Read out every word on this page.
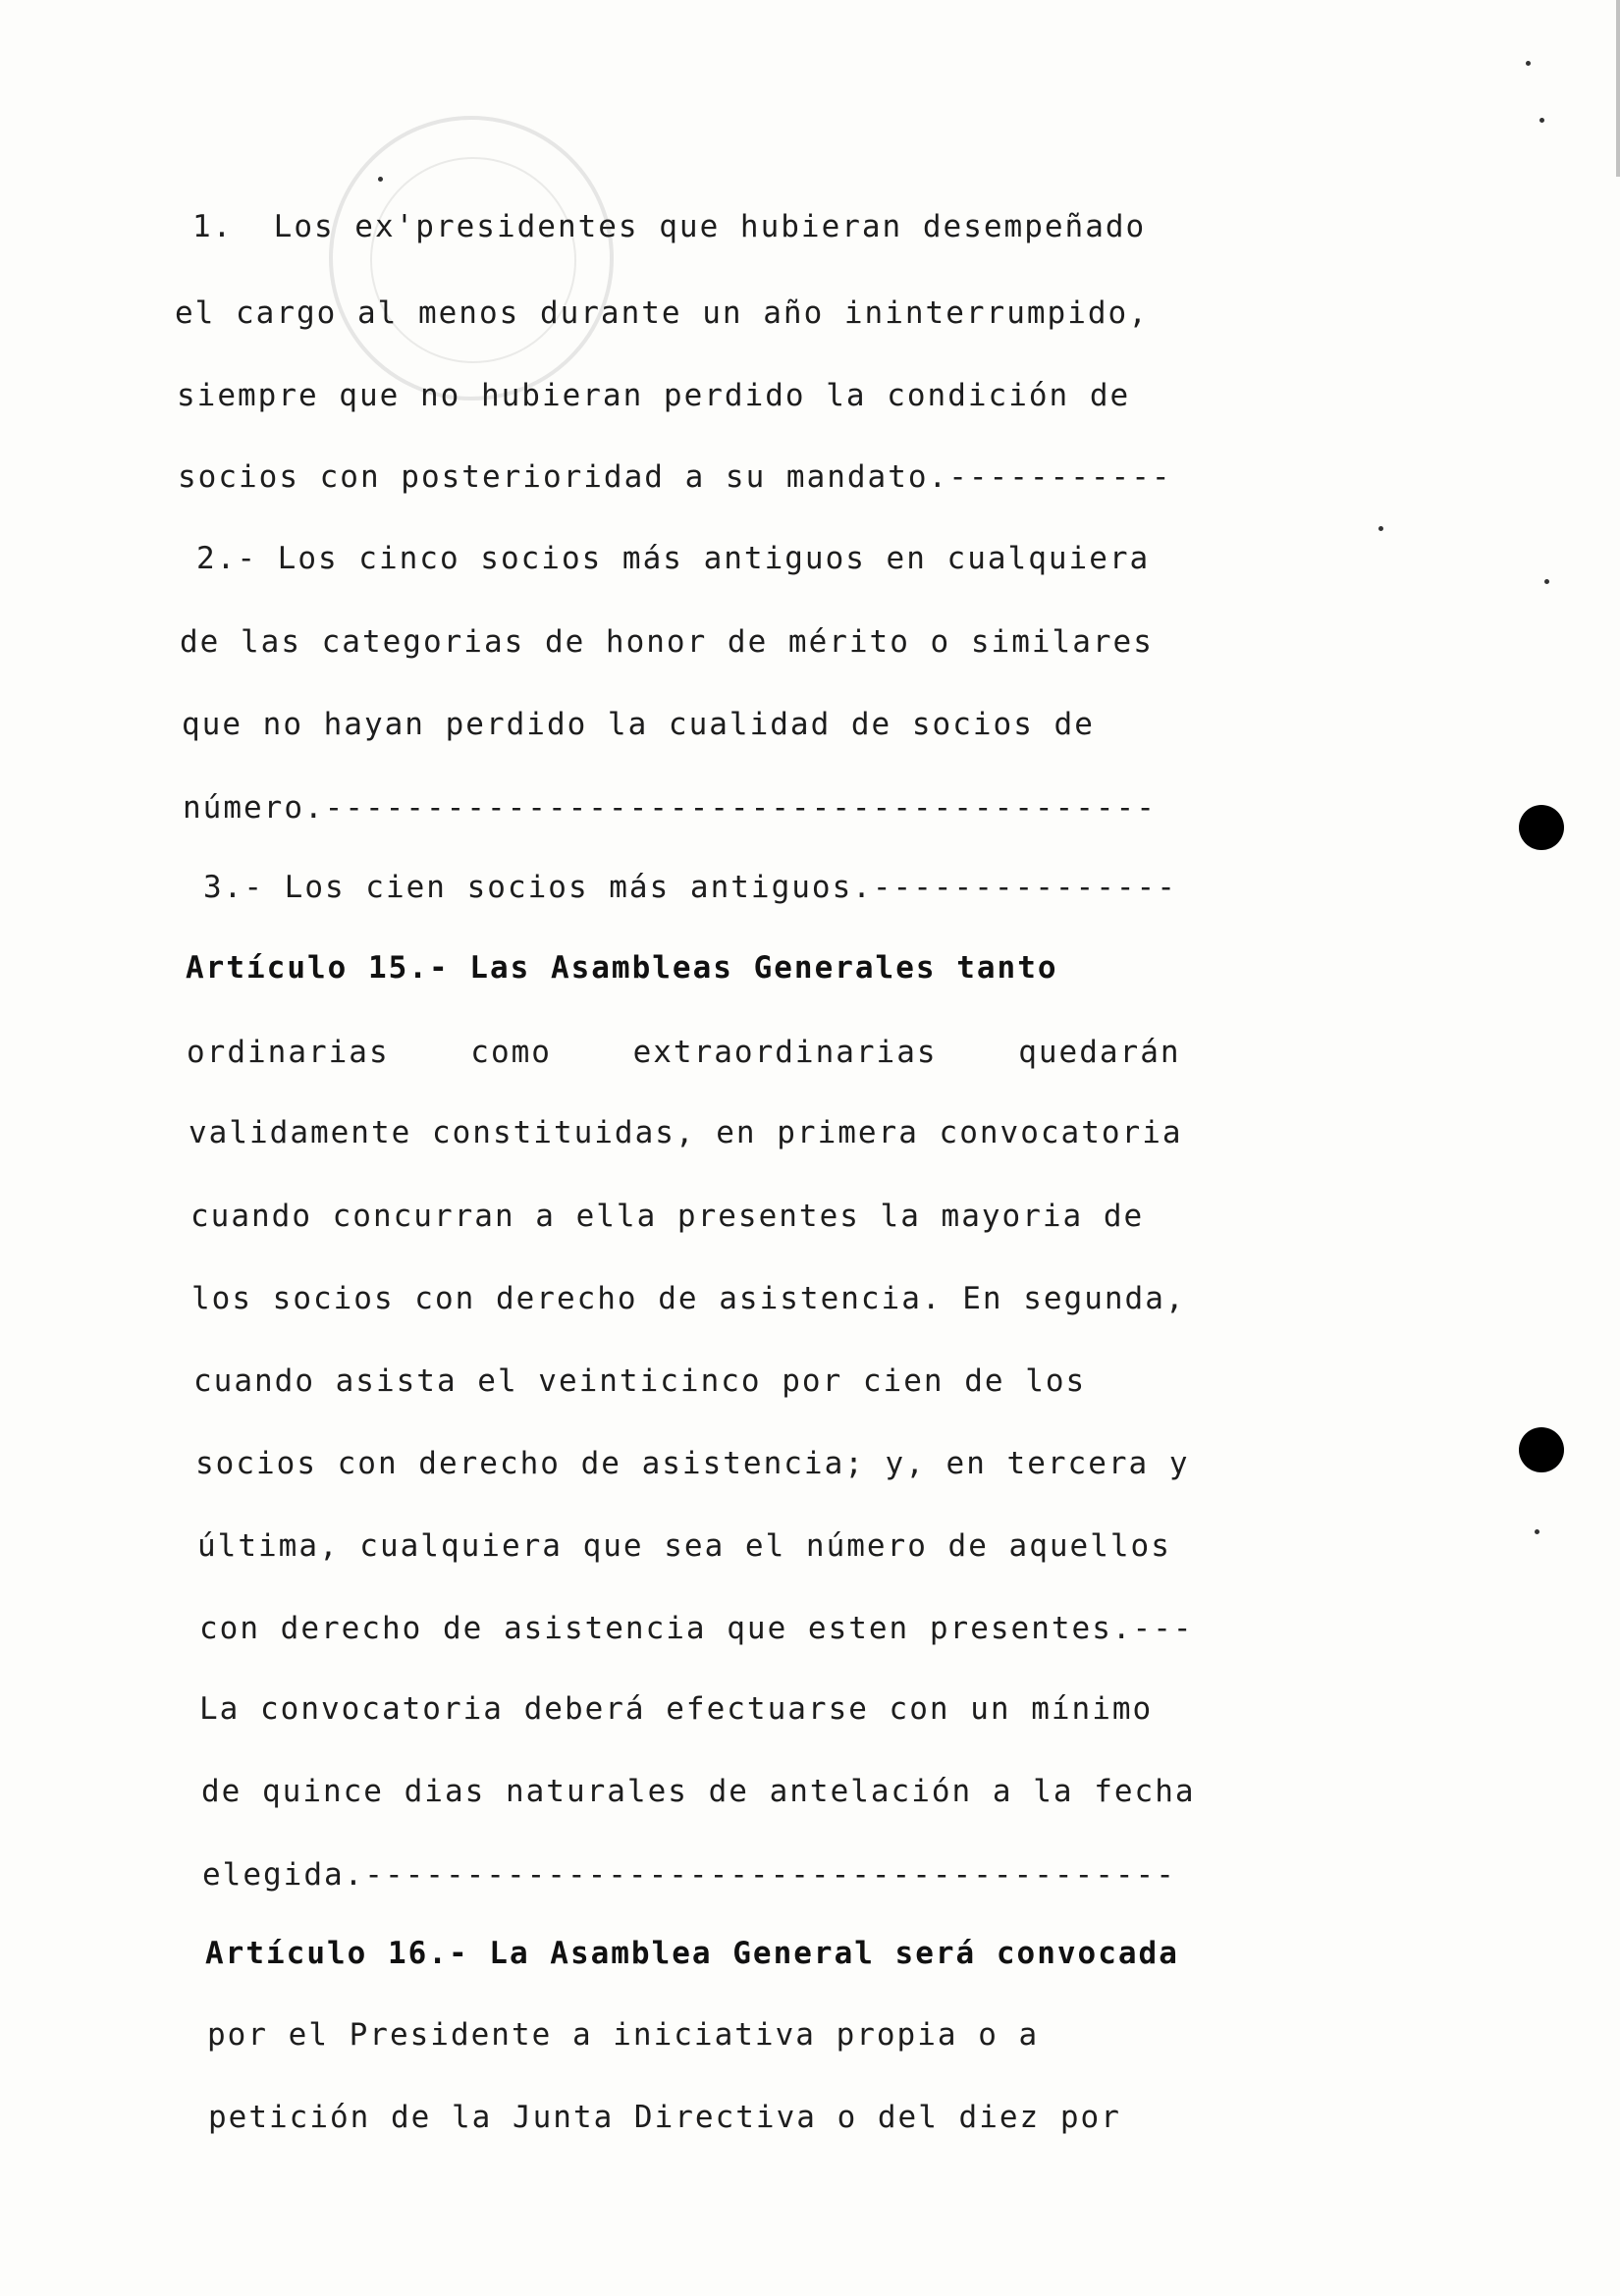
1.  Los ex'presidentes que hubieran desempeñado
el cargo al menos durante un año ininterrumpido,
siempre que no hubieran perdido la condición de
socios con posterioridad a su mandato.-----------
2.- Los cinco socios más antiguos en cualquiera
de las categorias de honor de mérito o similares
que no hayan perdido la cualidad de socios de
número.-----------------------------------------
3.- Los cien socios más antiguos.---------------
Artículo 15.- Las Asambleas Generales tanto
ordinarias    como    extraordinarias    quedarán
validamente constituidas, en primera convocatoria
cuando concurran a ella presentes la mayoria de
los socios con derecho de asistencia. En segunda,
cuando asista el veinticinco por cien de los
socios con derecho de asistencia; y, en tercera y
última, cualquiera que sea el número de aquellos
con derecho de asistencia que esten presentes.---
La convocatoria deberá efectuarse con un mínimo
de quince dias naturales de antelación a la fecha
elegida.----------------------------------------
Artículo 16.- La Asamblea General será convocada
por el Presidente a iniciativa propia o a
petición de la Junta Directiva o del diez por
